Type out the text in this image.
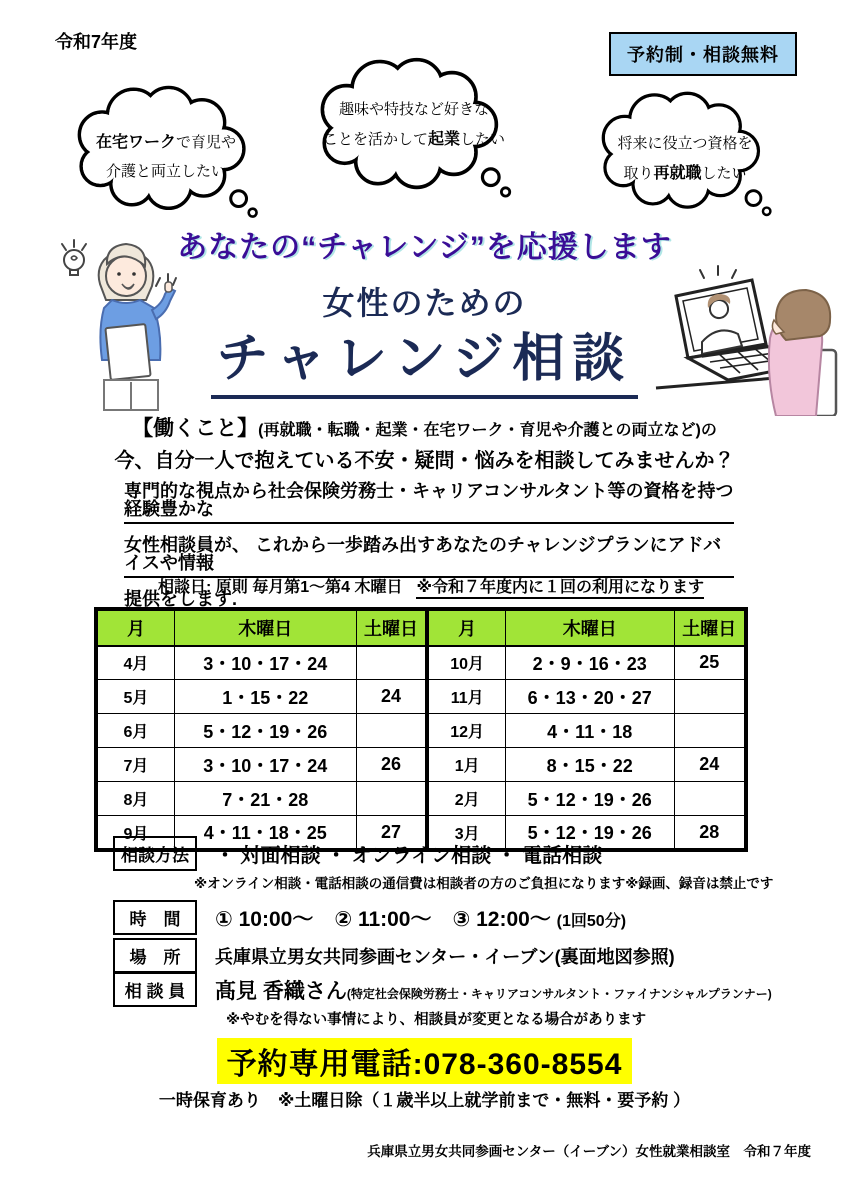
令和7年度
予約制・相談無料
在宅ワークで育児や
介護と両立したい
趣味や特技など好きな
ことを活かして起業したい	将来に役立つ資格を
取り再就職したい
あなたの“チャレンジ”を応援します
女性のための
チャレンジ相談
【働くこと】(再就職・転職・起業・在宅ワーク・育児や介護との両立など)の
今、自分一人で抱えている不安・疑問・悩みを相談してみませんか？
専門的な視点から社会保険労務士・キャリアコンサルタント等の資格を持つ経験豊かな
女性相談員が、 これから一歩踏み出すあなたのチャレンジプランにアドバイスや情報
提供をします.
相談日: 原則 毎月第1～第4 木曜日 ※令和７年度内に１回の利用になります
月	木曜日	土曜日	月	木曜日	土曜日
4月	3・10・17・24		10月	2・9・16・23	25
5月	1・15・22	24	11月	6・13・20・27	
6月	5・12・19・26		12月	4・11・18	
7月	3・10・17・24	26	1月	8・15・22	24
8月	7・21・28		2月	5・12・19・26	
9月	4・11・18・25	27	3月	5・12・19・26	28
相談方法	・ 対面相談 ・ オンライン相談 ・ 電話相談
※オンライン相談・電話相談の通信費は相談者の方のご負担になります※録画、録音は禁止です
時　間	① 10:00～　② 11:00～　③ 12:00～ (1回50分)
場　所	兵庫県立男女共同参画センター・イーブン(裏面地図参照)
相 談 員	髙見 香織さん(特定社会保険労務士・キャリアコンサルタント・ファイナンシャルプランナー)
※やむを得ない事情により、相談員が変更となる場合があります
予約専用電話:078-360-8554
一時保育あり　※土曜日除（１歳半以上就学前まで・無料・要予約 ）
兵庫県立男女共同参画センター（イーブン）女性就業相談室　令和７年度
